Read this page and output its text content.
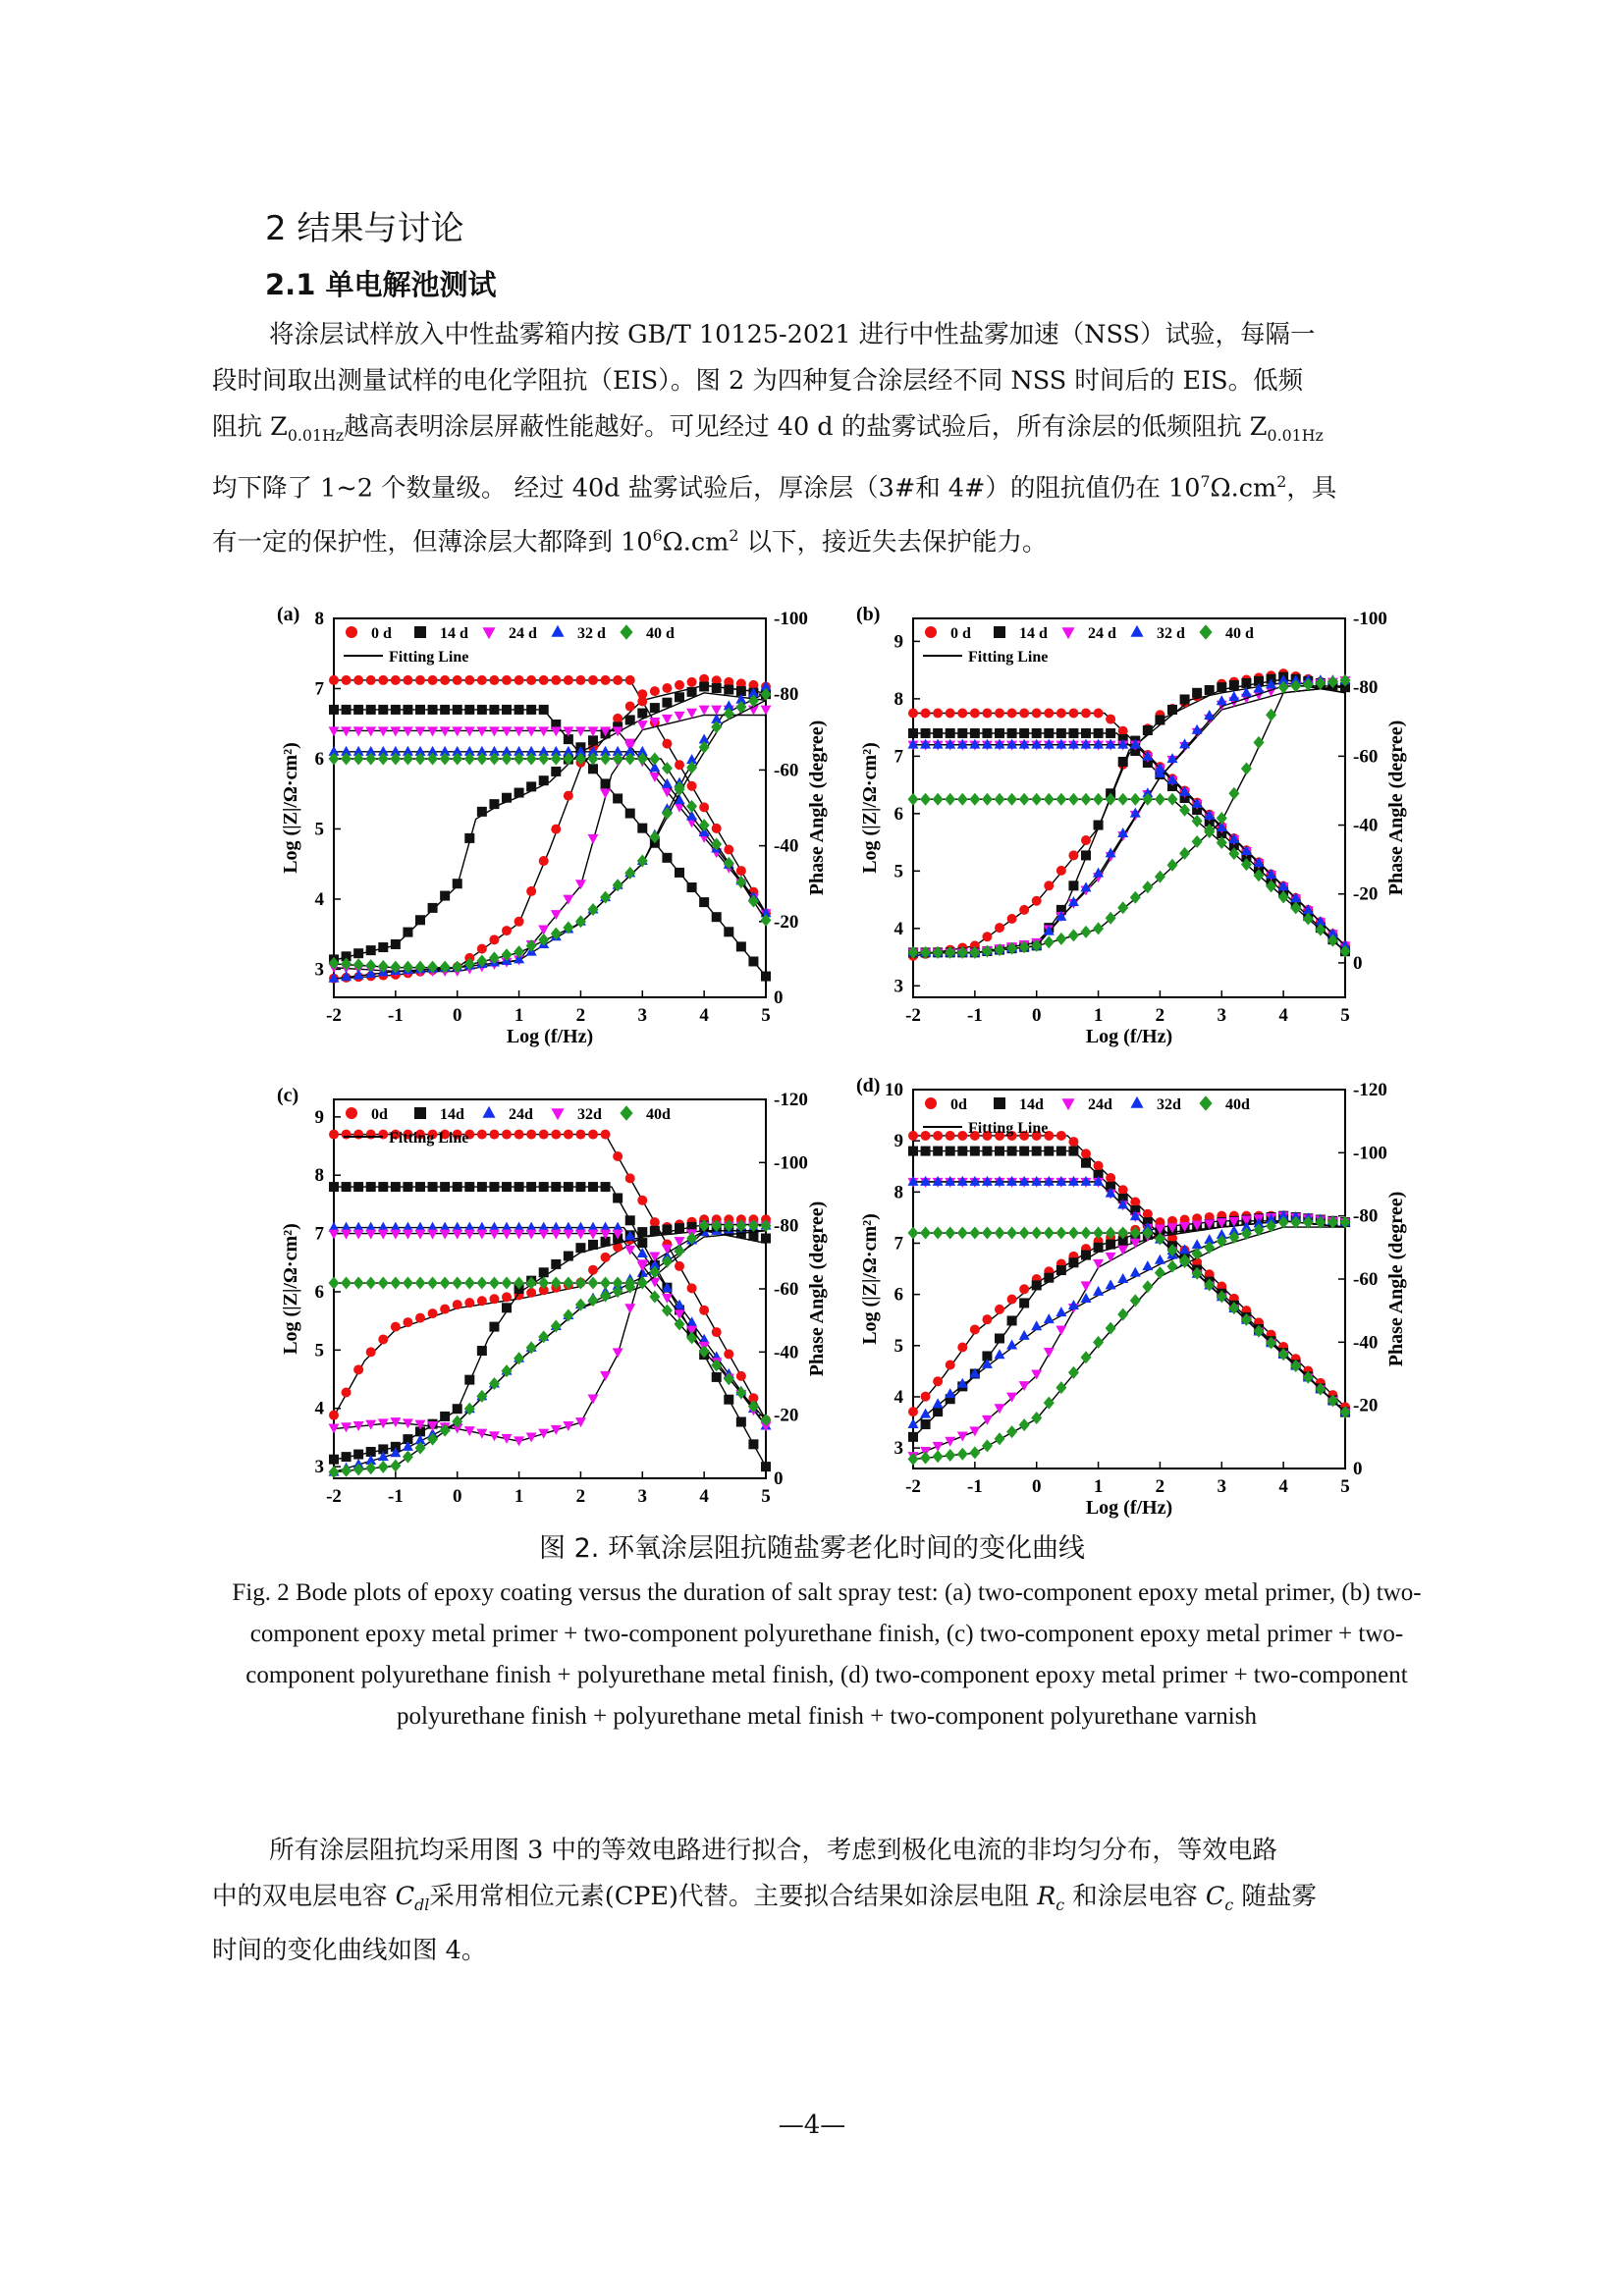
2 结果与讨论
2.1 单电解池测试

将涂层试样放入中性盐雾箱内按 GB/T 10125-2021 进行中性盐雾加速（NSS）试验，每隔一

段时间取出测量试样的电化学阻抗（EIS）。图 2 为四种复合涂层经不同 NSS 时间后的 EIS。低频

阻抗 $Z_{0.01Hz}$越高表明涂层屏蔽性能越好。可见经过 40 d 的盐雾试验后，所有涂层的低频阻抗 $Z_{0.01Hz}$

均下降了 1~2 个数量级。 经过 40d 盐雾试验后，厚涂层（3#和 4#）的阻抗值仍在 $10^7\Omega.cm^2$，具

有一定的保护性，但薄涂层大都降到 $10^6\Omega.cm^2$ 以下，接近失去保护能力。

-2 -1	0	1	2	3	4	5
3
4
5
6
7
8
0
-20
-40
-60
-80
-100
Log (f/Hz)
Log (|Z|/Ω·cm²)	Phase Angle (degree)
(a)
0 d	14 d	24 d	32 d	40 d
Fitting Line
-2 -1	0	1	2	3	4	5
3
4
5
6
7
8
9
0
-20
-40
-60
-80
-100
Log (f/Hz)
Log (|Z|/Ω·cm²)	Phase Angle (degree)
(b)
0 d	14 d	24 d	32 d	40 d
Fitting Line
-2 -1	0	1	2	3	4	5
3
4
5
6
7
8
9
0
-20
-40
-60
-80
-100
-120
Log (|Z|/Ω·cm²)	Phase Angle (degree)
(c)
0d	14d	24d	32d	40d
Fitting Line
-2 -1	0	1	2	3	4	5
3
4
5
6
7
8
9
10
0
-20
-40
-60
-80
-100
-120
Log (f/Hz)
Log (|Z|/Ω·cm²)	Phase Angle (degree)
(d)
0d	14d	24d	32d	40d
Fitting Line
图 2. 环氧涂层阻抗随盐雾老化时间的变化曲线
Fig. 2 Bode plots of epoxy coating versus the duration of salt spray test: (a) two-component epoxy metal primer, (b) two-component epoxy metal primer + two-component polyurethane finish, (c) two-component epoxy metal primer + two-component polyurethane finish + polyurethane metal finish, (d) two-component epoxy metal primer + two-component polyurethane finish + polyurethane metal finish + two-component polyurethane varnish

所有涂层阻抗均采用图 3 中的等效电路进行拟合，考虑到极化电流的非均匀分布，等效电路

中的双电层电容 $C_{dl}$采用常相位元素(CPE)代替。主要拟合结果如涂层电阻 $R_c$ 和涂层电容 $C_c$ 随盐雾

时间的变化曲线如图 4。

—4—
